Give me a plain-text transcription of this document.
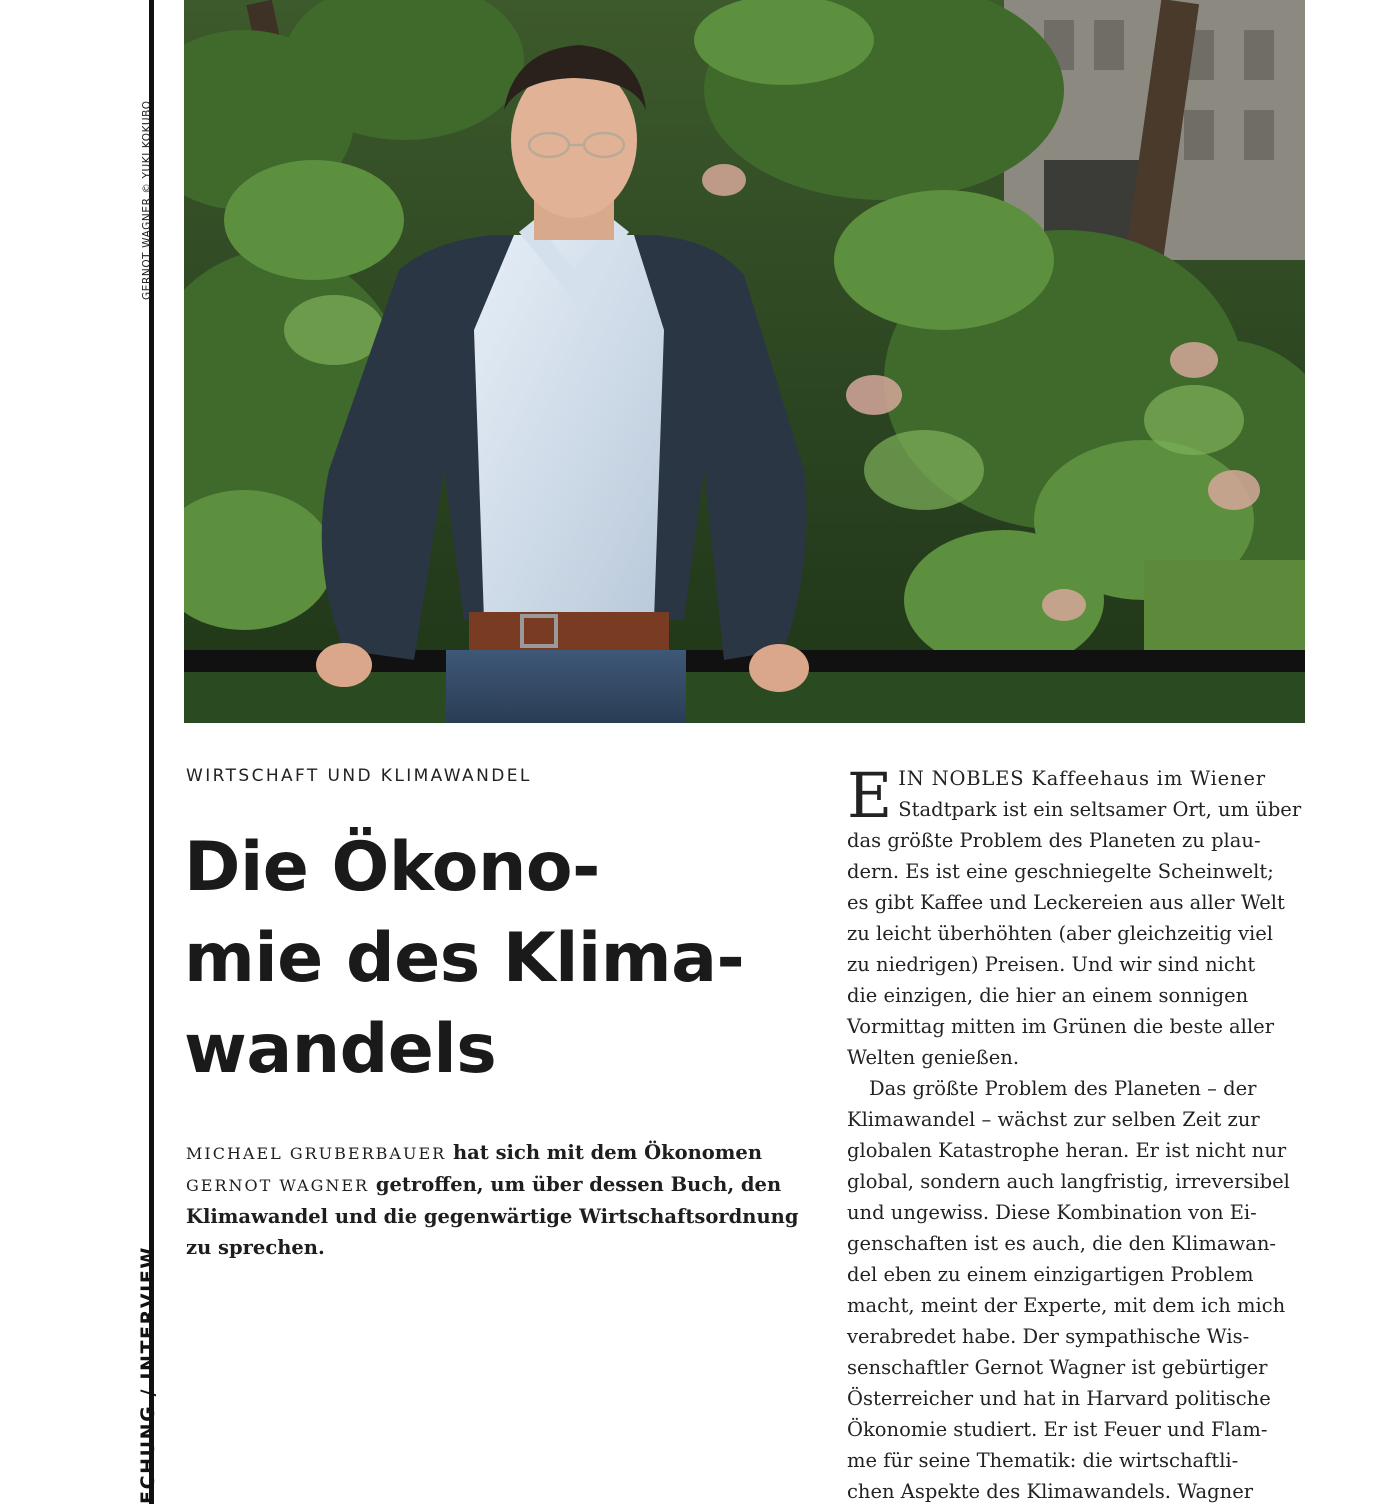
GERNOT WAGNER © YUKI KOKUBO
ECHUNG / INTERVIEW
WIRTSCHAFT UND KLIMAWANDEL
Die Ökono-
mie des Klima-
wandels
MICHAEL GRUBERBAUER hat sich mit dem Ökonomen
GERNOT WAGNER getroffen, um über dessen Buch, den
Klimawandel und die gegenwärtige Wirtschaftsordnung
zu sprechen.
E IN NOBLES Kaffeehaus im Wiener
Stadtpark ist ein seltsamer Ort, um über
das größte Problem des Planeten zu plau-
dern. Es ist eine geschniegelte Scheinwelt;
es gibt Kaffee und Leckereien aus aller Welt
zu leicht überhöhten (aber gleichzeitig viel
zu niedrigen) Preisen. Und wir sind nicht
die einzigen, die hier an einem sonnigen
Vormittag mitten im Grünen die beste aller
Welten genießen.
Das größte Problem des Planeten – der
Klimawandel – wächst zur selben Zeit zur
globalen Katastrophe heran. Er ist nicht nur
global, sondern auch langfristig, irreversibel
und ungewiss. Diese Kombination von Ei-
genschaften ist es auch, die den Klimawan-
del eben zu einem einzigartigen Problem
macht, meint der Experte, mit dem ich mich
verabredet habe. Der sympathische Wis-
senschaftler Gernot Wagner ist gebürtiger
Österreicher und hat in Harvard politische
Ökonomie studiert. Er ist Feuer und Flam-
me für seine Thematik: die wirtschaftli-
chen Aspekte des Klimawandels. Wagner
